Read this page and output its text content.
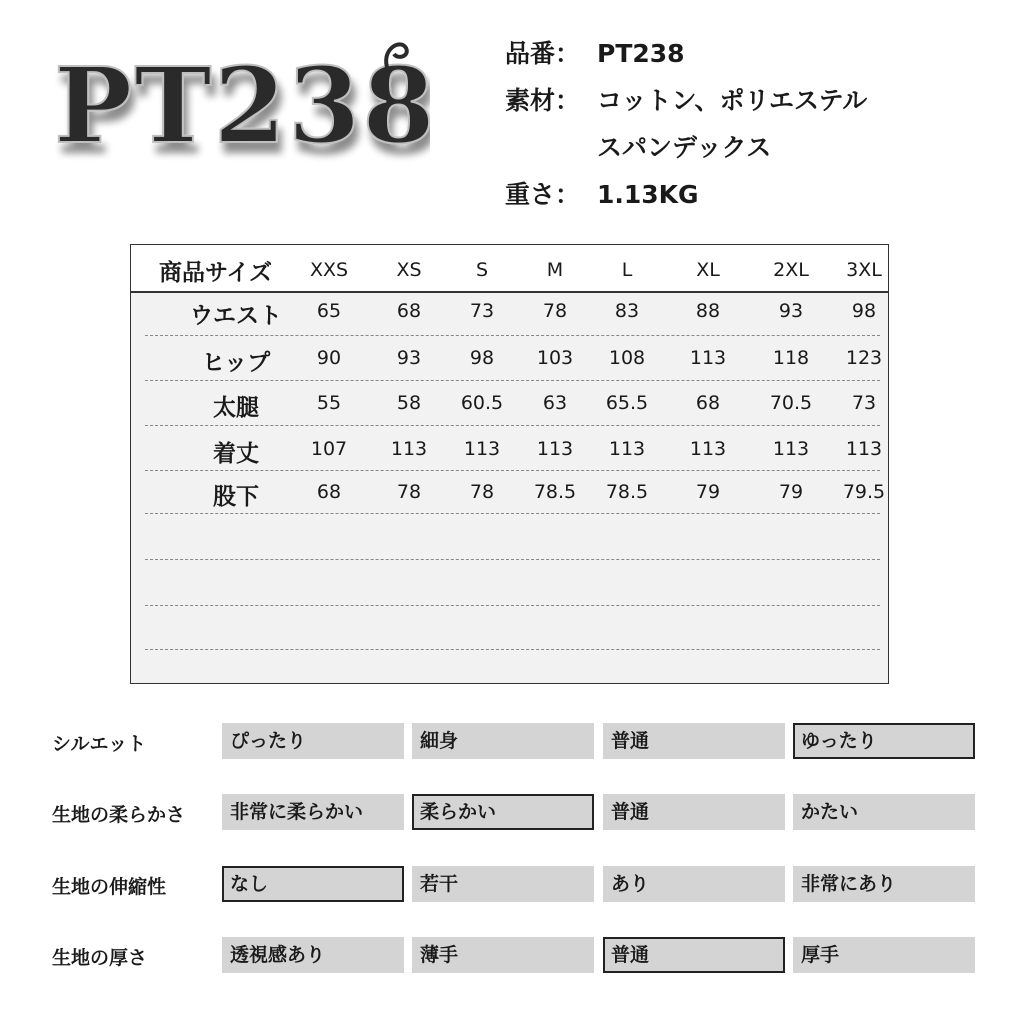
PT238	品番： PT238
素材： コットン、ポリエステル
スパンデックス
重さ： 1.13KG
商品サイズ XXS	XS	S	M	L	XL	2XL 3XL
ウエスト	65	68	73	78	83	88	93	98
ヒップ	90	93	98 103 108 113 118 123
太腿	55	58 60.5 63 65.5	68	70.5 73
着丈	107 113 113 113 113 113 113 113
股下	68	78	78 78.5 78.5	79	79 79.5
シルエット	ぴったり	細身	普通	ゆったり
生地の柔らかさ	非常に柔らかい	柔らかい	普通	かたい
生地の伸縮性	なし	若干	あり	非常にあり
生地の厚さ	透視感あり	薄手	普通	厚手
